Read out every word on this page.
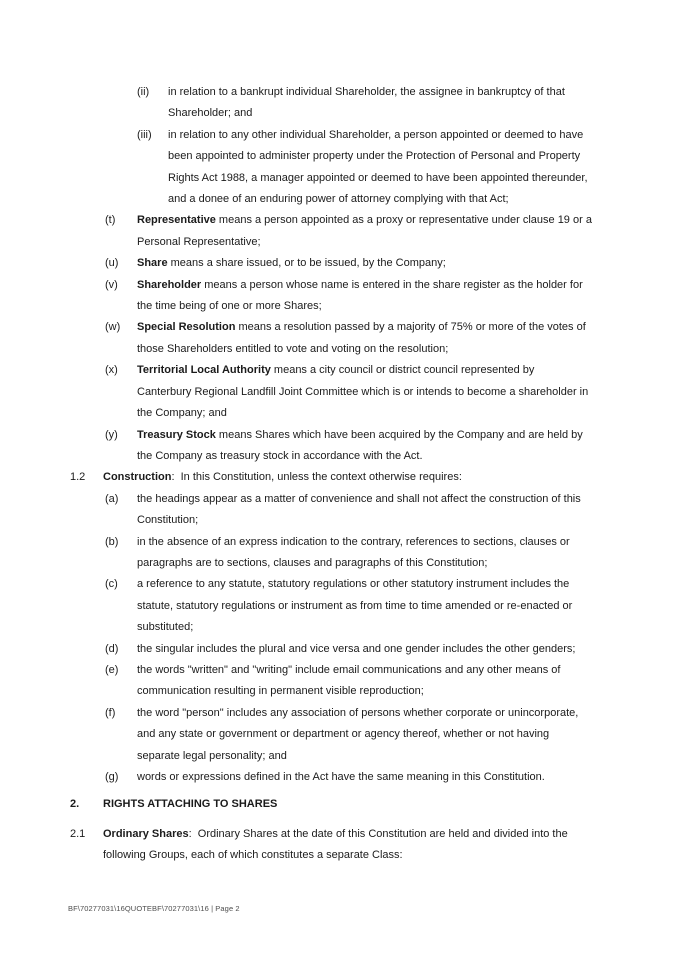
(ii) in relation to a bankrupt individual Shareholder, the assignee in bankruptcy of that
Shareholder; and
(iii) in relation to any other individual Shareholder, a person appointed or deemed to have
been appointed to administer property under the Protection of Personal and Property
Rights Act 1988, a manager appointed or deemed to have been appointed thereunder,
and a donee of an enduring power of attorney complying with that Act;
(t) Representative means a person appointed as a proxy or representative under clause 19 or a
Personal Representative;
(u) Share means a share issued, or to be issued, by the Company;
(v) Shareholder means a person whose name is entered in the share register as the holder for
the time being of one or more Shares;
(w) Special Resolution means a resolution passed by a majority of 75% or more of the votes of
those Shareholders entitled to vote and voting on the resolution;
(x) Territorial Local Authority means a city council or district council represented by
Canterbury Regional Landfill Joint Committee which is or intends to become a shareholder in
the Company; and
(y) Treasury Stock means Shares which have been acquired by the Company and are held by
the Company as treasury stock in accordance with the Act.
1.2 Construction:  In this Constitution, unless the context otherwise requires:
(a) the headings appear as a matter of convenience and shall not affect the construction of this
Constitution;
(b) in the absence of an express indication to the contrary, references to sections, clauses or
paragraphs are to sections, clauses and paragraphs of this Constitution;
(c) a reference to any statute, statutory regulations or other statutory instrument includes the
statute, statutory regulations or instrument as from time to time amended or re-enacted or
substituted;
(d) the singular includes the plural and vice versa and one gender includes the other genders;
(e) the words "written" and "writing" include email communications and any other means of
communication resulting in permanent visible reproduction;
(f) the word "person" includes any association of persons whether corporate or unincorporate,
and any state or government or department or agency thereof, whether or not having
separate legal personality; and
(g) words or expressions defined in the Act have the same meaning in this Constitution.
2. RIGHTS ATTACHING TO SHARES
2.1 Ordinary Shares:  Ordinary Shares at the date of this Constitution are held and divided into the
following Groups, each of which constitutes a separate Class:
BF\70277031\16QUOTEBF\70277031\16 | Page 2
